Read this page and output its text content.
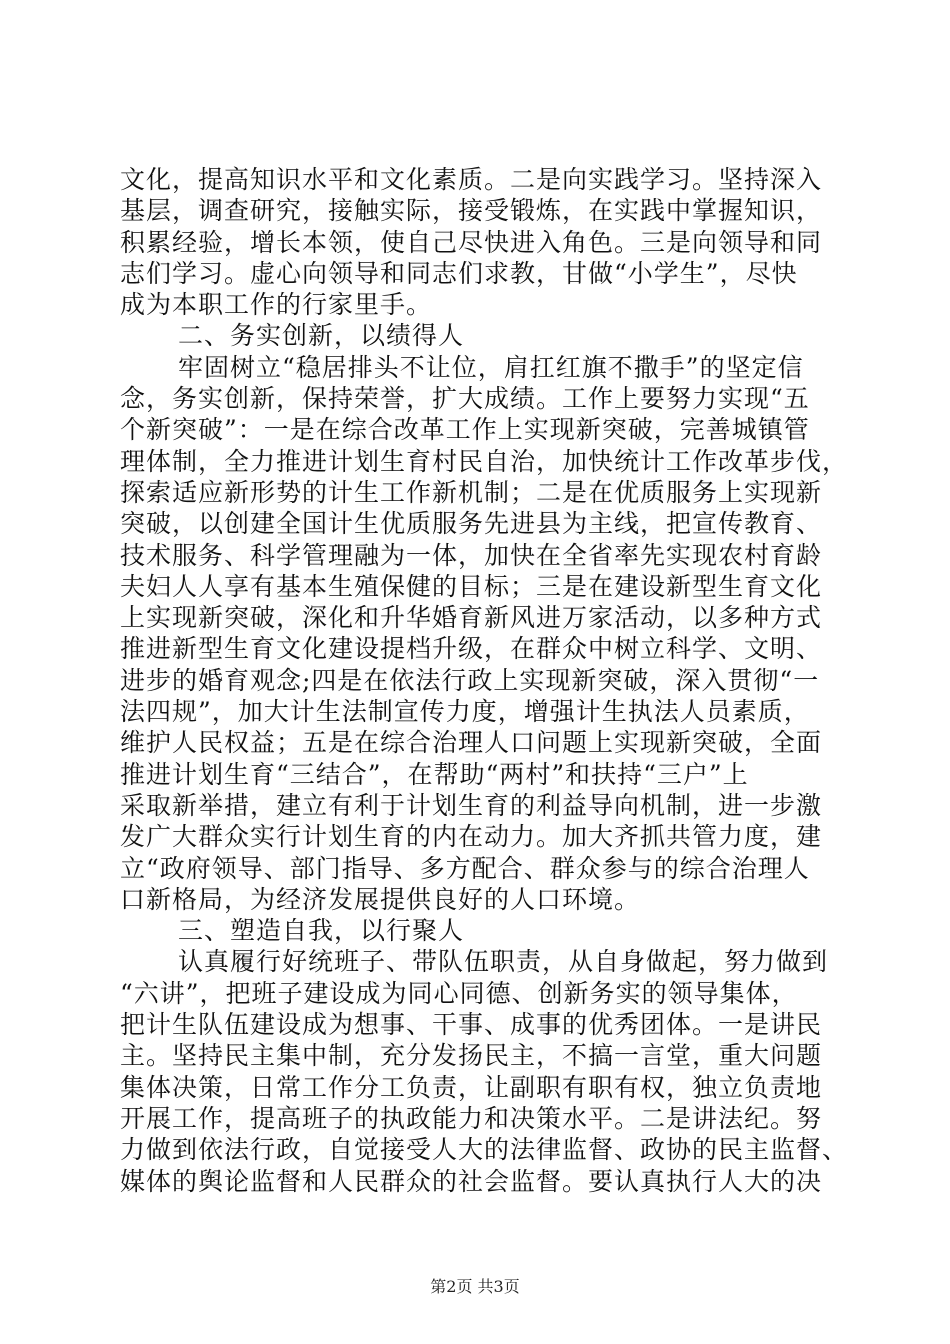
文化，提高知识水平和文化素质。二是向实践学习。坚持深入
基层，调查研究，接触实际，接受锻炼，在实践中掌握知识，
积累经验，增长本领，使自己尽快进入角色。三是向领导和同
志们学习。虚心向领导和同志们求教，甘做“小学生”，尽快
成为本职工作的行家里手。
二、务实创新，以绩得人
牢固树立“稳居排头不让位，肩扛红旗不撒手”的坚定信
念，务实创新，保持荣誉，扩大成绩。工作上要努力实现“五
个新突破”：一是在综合改革工作上实现新突破，完善城镇管
理体制，全力推进计划生育村民自治，加快统计工作改革步伐，
探索适应新形势的计生工作新机制；二是在优质服务上实现新
突破，以创建全国计生优质服务先进县为主线，把宣传教育、
技术服务、科学管理融为一体，加快在全省率先实现农村育龄
夫妇人人享有基本生殖保健的目标；三是在建设新型生育文化
上实现新突破，深化和升华婚育新风进万家活动，以多种方式
推进新型生育文化建设提档升级，在群众中树立科学、文明、
进步的婚育观念;四是在依法行政上实现新突破，深入贯彻“一
法四规”，加大计生法制宣传力度，增强计生执法人员素质，
维护人民权益；五是在综合治理人口问题上实现新突破，全面
推进计划生育“三结合”，在帮助“两村”和扶持“三户”上
采取新举措，建立有利于计划生育的利益导向机制，进一步激
发广大群众实行计划生育的内在动力。加大齐抓共管力度，建
立“政府领导、部门指导、多方配合、群众参与的综合治理人
口新格局，为经济发展提供良好的人口环境。
三、塑造自我，以行聚人
认真履行好统班子、带队伍职责，从自身做起，努力做到
“六讲”，把班子建设成为同心同德、创新务实的领导集体，
把计生队伍建设成为想事、干事、成事的优秀团体。一是讲民
主。坚持民主集中制，充分发扬民主，不搞一言堂，重大问题
集体决策，日常工作分工负责，让副职有职有权，独立负责地
开展工作，提高班子的执政能力和决策水平。二是讲法纪。努
力做到依法行政，自觉接受人大的法律监督、政协的民主监督、
媒体的舆论监督和人民群众的社会监督。要认真执行人大的决
第2页 共3页
